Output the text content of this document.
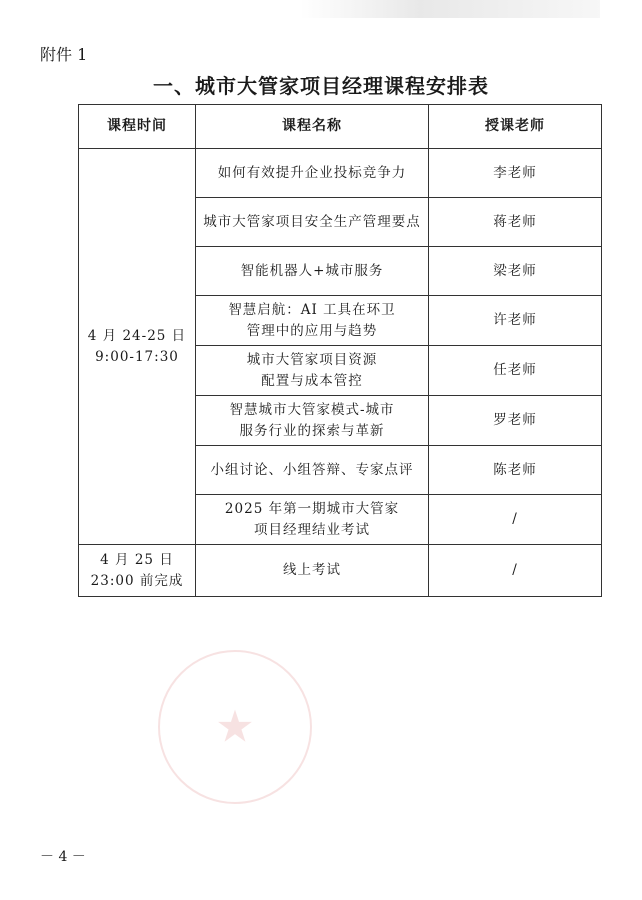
附件 1
一、城市大管家项目经理课程安排表
课程时间	课程名称	授课老师

4 月 24-25 日
9:00-17:30	如何有效提升企业投标竞争力	李老师

	城市大管家项目安全生产管理要点	蒋老师

	智能机器人+城市服务	梁老师

	智慧启航：AI 工具在环卫
管理中的应用与趋势	许老师

	城市大管家项目资源
配置与成本管控	任老师

	智慧城市大管家模式-城市
服务行业的探索与革新	罗老师

	小组讨论、小组答辩、专家点评	陈老师

	2025 年第一期城市大管家
项目经理结业考试	/

4 月 25 日
23:00 前完成	线上考试	/
★
－ 4 －
